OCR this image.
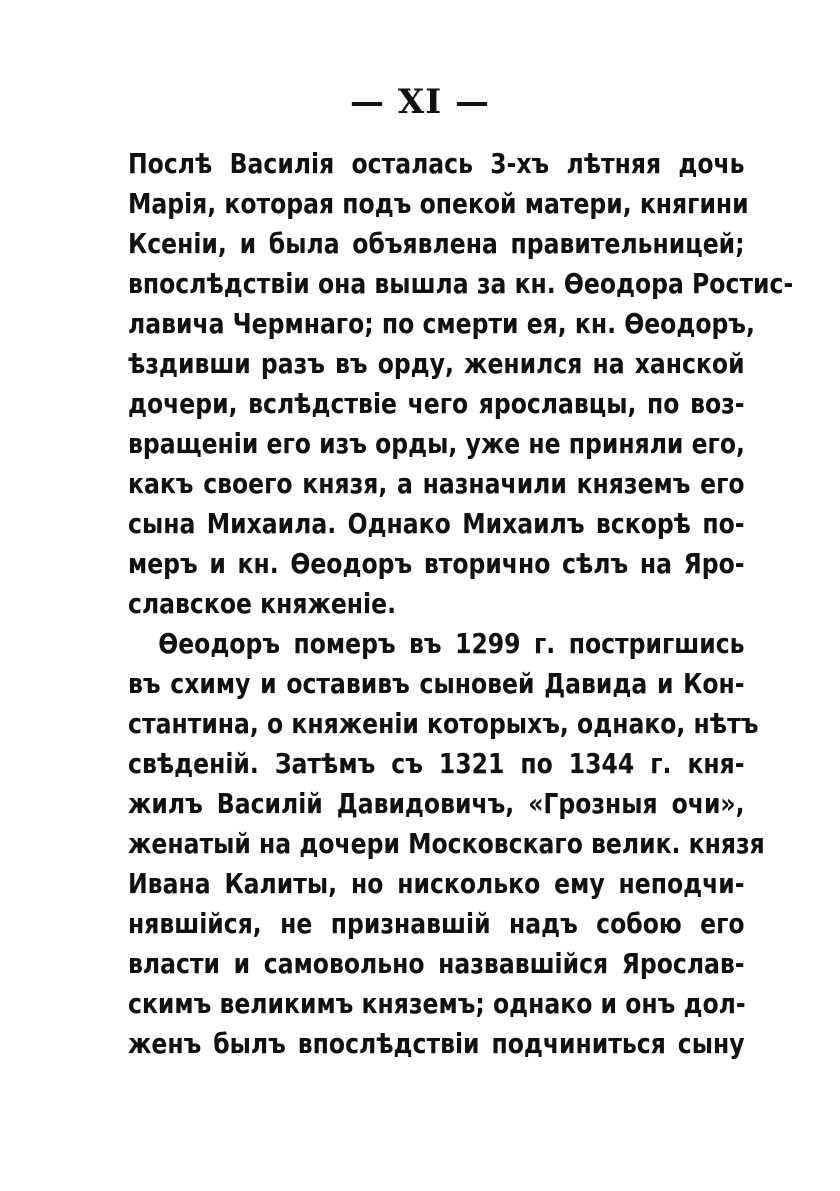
— XI —
Послѣ Василія осталась 3-хъ лѣтняя дочь
Марія, которая подъ опекой матери, княгини
Ксеніи, и была объявлена правительницей;
впослѣдствіи она вышла за кн. Ѳеодора Ростис-
лавича Чермнаго; по смерти ея, кн. Ѳеодоръ,
ѣздивши разъ въ орду, женился на ханской
дочери, вслѣдствіе чего ярославцы, по воз-
вращеніи его изъ орды, уже не приняли его,
какъ своего князя, а назначили княземъ его
сына Михаила. Однако Михаилъ вскорѣ по-
меръ и кн. Ѳеодоръ вторично сѣлъ на Яро-
славское княженіе.
Ѳеодоръ померъ въ 1299 г. постригшись
въ схиму и оставивъ сыновей Давида и Кон-
стантина, о княженіи которыхъ, однако, нѣтъ
свѣденій. Затѣмъ съ 1321 по 1344 г. кня-
жилъ Василій Давидовичъ, «Грозныя очи»,
женатый на дочери Московскаго велик. князя
Ивана Калиты, но нисколько ему неподчи-
нявшійся, не признавшій надъ собою его
власти и самовольно назвавшійся Ярослав-
скимъ великимъ князeмъ; однако и онъ дол-
женъ былъ впослѣдствіи подчиниться сыну
